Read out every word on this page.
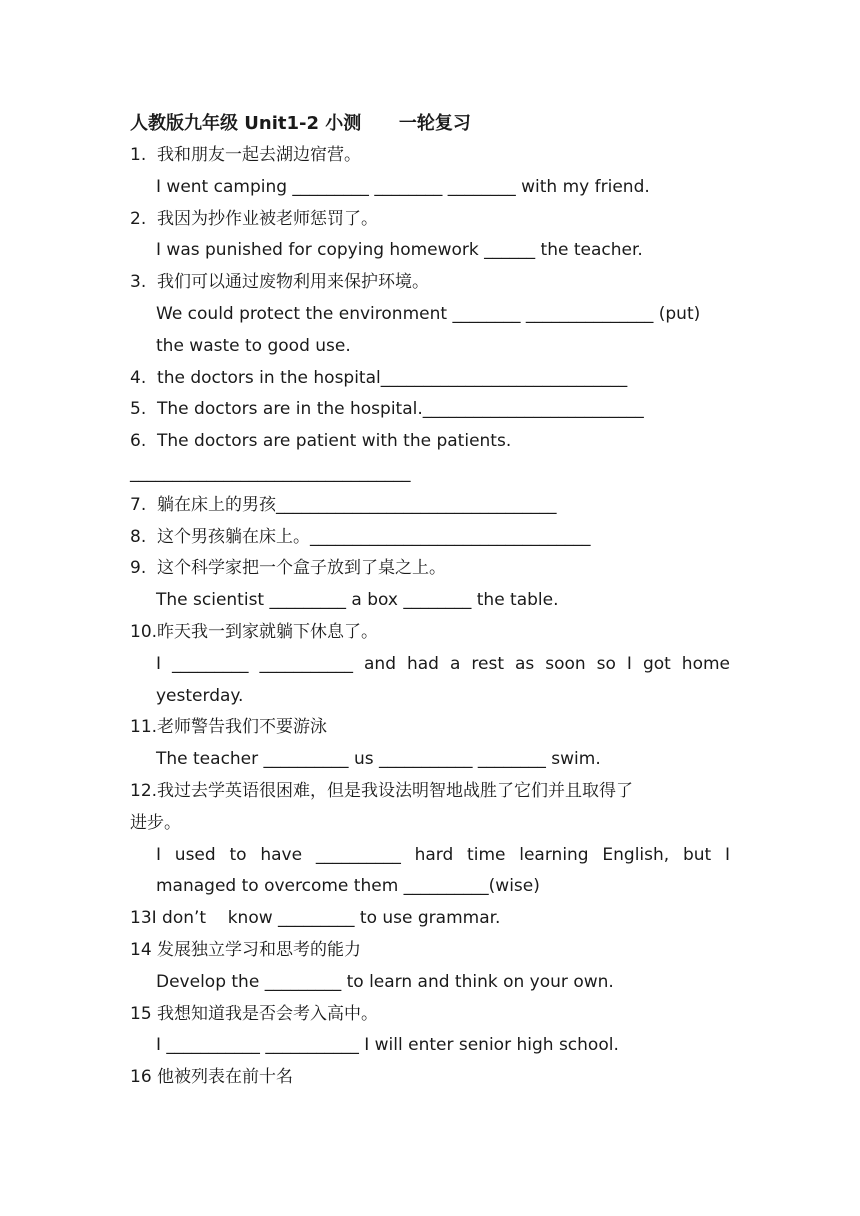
人教版九年级 Unit1-2 小测      一轮复习
1.  我和朋友一起去湖边宿营。
I went camping _________ ________ ________ with my friend.
2.  我因为抄作业被老师惩罚了。
I was punished for copying homework ______ the teacher.
3.  我们可以通过废物利用来保护环境。
We could protect the environment ________ _______________ (put)
the waste to good use.
4.  the doctors in the hospital_____________________________
5.  The doctors are in the hospital.__________________________
6.  The doctors are patient with the patients.
_________________________________
7.  躺在床上的男孩_________________________________
8.  这个男孩躺在床上。_________________________________
9.  这个科学家把一个盒子放到了桌之上。
The scientist _________ a box ________ the table.
10.昨天我一到家就躺下休息了。
I _________ ___________ and had a rest as soon so I got home
yesterday.
11.老师警告我们不要游泳
The teacher __________ us ___________ ________ swim.
12.我过去学英语很困难，但是我设法明智地战胜了它们并且取得了
进步。
I used to have __________ hard time learning English, but I
managed to overcome them __________(wise)
13I don’t    know _________ to use grammar.
14 发展独立学习和思考的能力
Develop the _________ to learn and think on your own.
15 我想知道我是否会考入高中。
I ___________ ___________ I will enter senior high school.
16 他被列表在前十名
